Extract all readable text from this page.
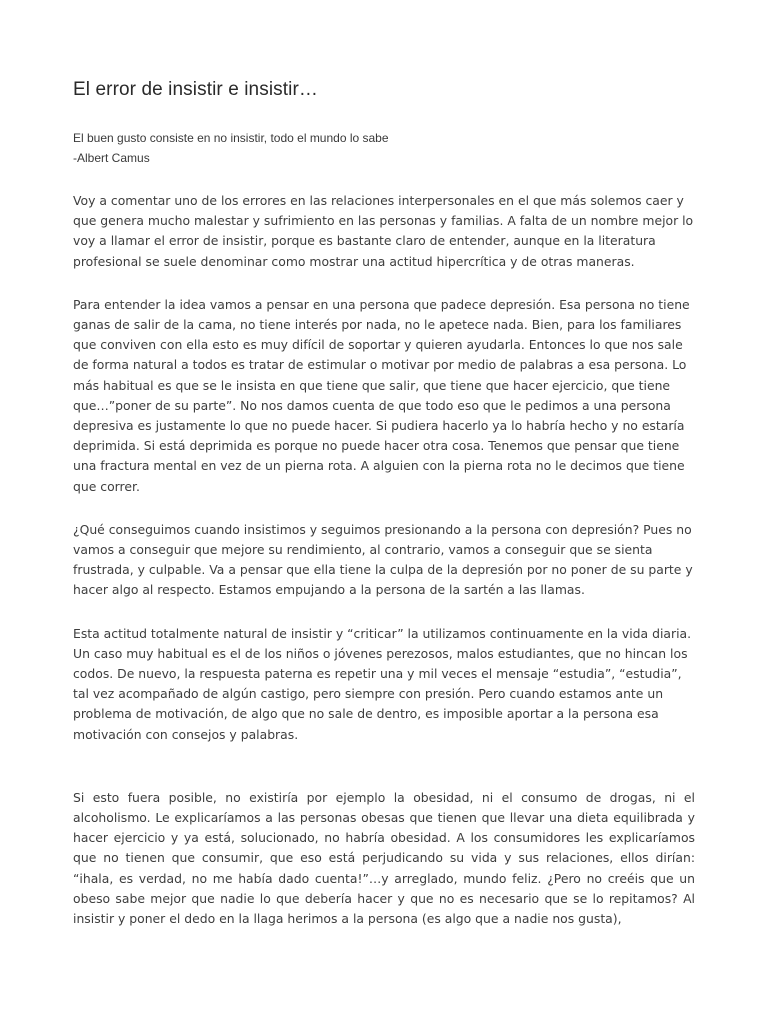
El error de insistir e insistir…
El buen gusto consiste en no insistir, todo el mundo lo sabe
-Albert Camus

Voy a comentar uno de los errores en las relaciones interpersonales en el que más solemos caer y que genera mucho malestar y sufrimiento en las personas y familias. A falta de un nombre mejor lo voy a llamar el error de insistir, porque es bastante claro de entender, aunque en la literatura profesional se suele denominar como mostrar una actitud hipercrítica y de otras maneras.

Para entender la idea vamos a pensar en una persona que padece depresión. Esa persona no tiene ganas de salir de la cama, no tiene interés por nada, no le apetece nada. Bien, para los familiares que conviven con ella esto es muy difícil de soportar y quieren ayudarla. Entonces lo que nos sale de forma natural a todos es tratar de estimular o motivar por medio de palabras a esa persona. Lo más habitual es que se le insista en que tiene que salir, que tiene que hacer ejercicio, que tiene que…”poner de su parte”. No nos damos cuenta de que todo eso que le pedimos a una persona depresiva es justamente lo que no puede hacer. Si pudiera hacerlo ya lo habría hecho y no estaría deprimida. Si está deprimida es porque no puede hacer otra cosa. Tenemos que pensar que tiene una fractura mental en vez de un pierna rota. A alguien con la pierna rota no le decimos que tiene que correr.

¿Qué conseguimos cuando insistimos y seguimos presionando a la persona con depresión? Pues no vamos a conseguir que mejore su rendimiento, al contrario, vamos a conseguir que se sienta frustrada, y culpable. Va a pensar que ella tiene la culpa de la depresión por no poner de su parte y hacer algo al respecto. Estamos empujando a la persona de la sartén a las llamas.

Esta actitud totalmente natural de insistir y “criticar” la utilizamos continuamente en la vida diaria. Un caso muy habitual es el de los niños o jóvenes perezosos, malos estudiantes, que no hincan los codos. De nuevo, la respuesta paterna es repetir una y mil veces el mensaje “estudia”, “estudia”, tal vez acompañado de algún castigo, pero siempre con presión. Pero cuando estamos ante un problema de motivación, de algo que no sale de dentro, es imposible aportar a la persona esa motivación con consejos y palabras.

Si esto fuera posible, no existiría por ejemplo la obesidad, ni el consumo de drogas, ni el alcoholismo. Le explicaríamos a las personas obesas que tienen que llevar una dieta equilibrada y hacer ejercicio y ya está, solucionado, no habría obesidad. A los consumidores les explicaríamos que no tienen que consumir, que eso está perjudicando su vida y sus relaciones, ellos dirían: “ihala, es verdad, no me había dado cuenta!”…y arreglado, mundo feliz. ¿Pero no creéis que un obeso sabe mejor que nadie lo que debería hacer y que no es necesario que se lo repitamos? Al insistir y poner el dedo en la llaga herimos a la persona (es algo que a nadie nos gusta),
